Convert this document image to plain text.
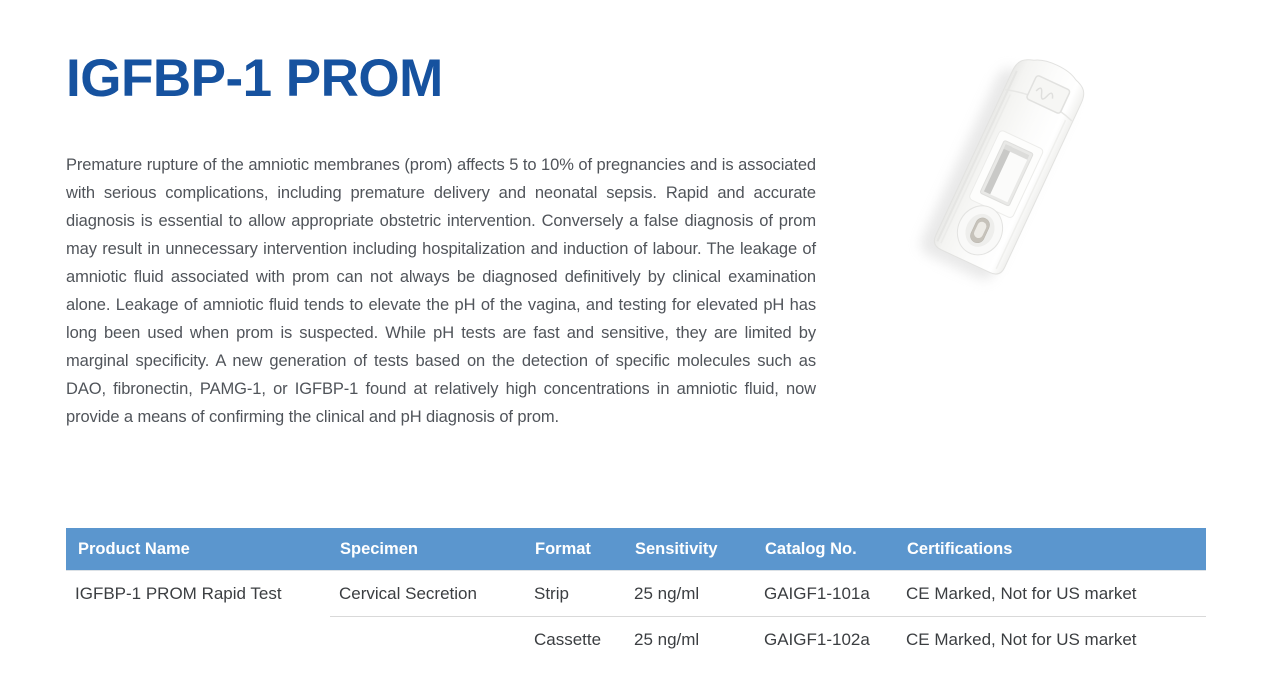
IGFBP-1 PROM

Premature rupture of the amniotic membranes (prom) affects 5 to 10% of pregnancies and is associated with serious complications, including premature delivery and neonatal sepsis. Rapid and accurate diagnosis is essential to allow appropriate obstetric intervention. Conversely a false diagnosis of prom may result in unnecessary intervention including hospitalization and induction of labour. The leakage of amniotic fluid associated with prom can not always be diagnosed definitively by clinical examination alone. Leakage of amniotic fluid tends to elevate the pH of the vagina, and testing for elevated pH has long been used when prom is suspected. While pH tests are fast and sensitive, they are limited by marginal specificity. A new generation of tests based on the detection of specific molecules such as DAO, fibronectin, PAMG-1, or IGFBP-1 found at relatively high concentrations in amniotic fluid, now provide a means of confirming the clinical and pH diagnosis of prom.

Product Name	Specimen	Format	Sensitivity	Catalog No.	Certifications
IGFBP-1 PROM Rapid Test	Cervical Secretion	Strip	25 ng/ml	GAIGF1-101a	CE Marked, Not for US market
		Cassette	25 ng/ml	GAIGF1-102a	CE Marked, Not for US market
